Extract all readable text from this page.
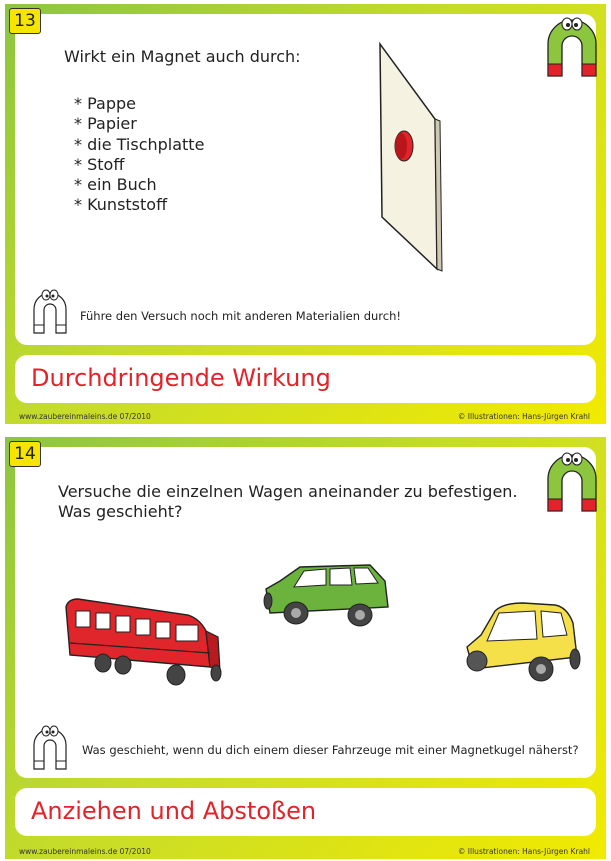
Wirkt ein Magnet auch durch:
* Pappe
* Papier
* die Tischplatte
* Stoff
* ein Buch
* Kunststoff
Führe den Versuch noch mit anderen Materialien durch!
Durchdringende Wirkung
13
www.zaubereinmaleins.de 07/2010	© Illustrationen: Hans-Jürgen Krahl
Versuche die einzelnen Wagen aneinander zu befestigen.
Was geschieht?
Was geschieht, wenn du dich einem dieser Fahrzeuge mit einer Magnetkugel näherst?
Anziehen und Abstoßen
14
www.zaubereinmaleins.de 07/2010	© Illustrationen: Hans-Jürgen Krahl
